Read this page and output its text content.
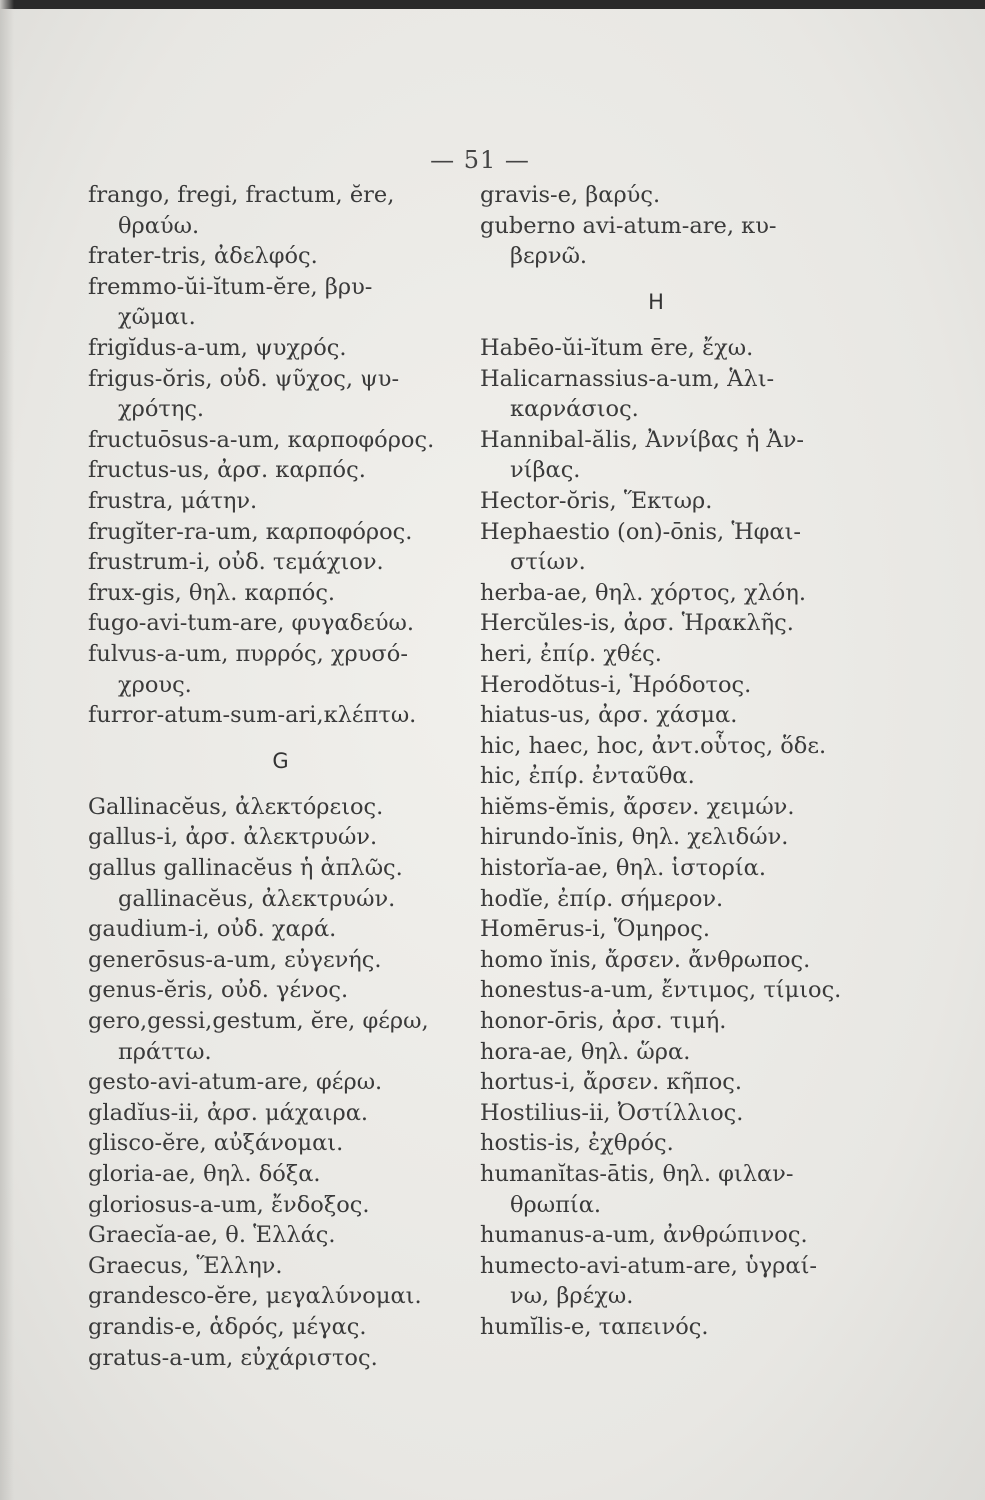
— 51 —
frango, fregi, fractum, ĕre,
θραύω.
frater-tris, ἀδελφός.
fremmo-ŭi-ĭtum-ĕre, βρυ-
χῶμαι.
frigĭdus-a-um, ψυχρός.
frigus-ŏris, οὐδ. ψῦχος, ψυ-
χρότης.
fructuōsus-a-um, καρποφόρος.
fructus-us, ἀρσ. καρπός.
frustra, μάτην.
frugĭter-ra-um, καρποφόρος.
frustrum-i, οὐδ. τεμάχιον.
frux-gis, θηλ. καρπός.
fugo-avi-tum-are, φυγαδεύω.
fulvus-a-um, πυρρός, χρυσό-
χρους.
furror-atum-sum-ari,κλέπτω.
G
Gallinacĕus, ἀλεκτόρειος.
gallus-i, ἀρσ. ἀλεκτρυών.
gallus gallinacĕus ἡ ἁπλῶς.
gallinacĕus, ἀλεκτρυών.
gaudium-i, οὐδ. χαρά.
generōsus-a-um, εὐγενής.
genus-ĕris, οὐδ. γένος.
gero,gessi,gestum, ĕre, φέρω,
πράττω.
gesto-avi-atum-are, φέρω.
gladĭus-ii, ἀρσ. μάχαιρα.
glisco-ĕre, αὐξάνομαι.
gloria-ae, θηλ. δόξα.
gloriosus-a-um, ἔνδοξος.
Graecĭa-ae, θ. Ἑλλάς.
Graecus, Ἕλλην.
grandesco-ĕre, μεγαλύνομαι.
grandis-e, ἁδρός, μέγας.
gratus-a-um, εὐχάριστος.
gravis-e, βαρύς.
guberno avi-atum-are, κυ-
βερνῶ.
H
Habēo-ŭi-ĭtum ēre, ἔχω.
Halicarnassius-a-um, Ἁλι-
καρνάσιος.
Hannibal-ălis, Ἀννίβας ἡ Ἀν-
νίβας.
Hector-ŏris, Ἕκτωρ.
Hephaestio (on)-ōnis, Ἡφαι-
στίων.
herba-ae, θηλ. χόρτος, χλόη.
Hercŭles-is, ἀρσ. Ἡρακλῆς.
heri, ἐπίρ. χθές.
Herodŏtus-i, Ἡρόδοτος.
hiatus-us, ἀρσ. χάσμα.
hic, haec, hoc, ἀντ.οὗτος, ὅδε.
hic, ἐπίρ. ἐνταῦθα.
hiĕms-ĕmis, ἄρσεν. χειμών.
hirundo-ĭnis, θηλ. χελιδών.
historĭa-ae, θηλ. ἱστορία.
hodĭe, ἐπίρ. σήμερον.
Homērus-i, Ὅμηρος.
homo ĭnis, ἄρσεν. ἄνθρωπος.
honestus-a-um, ἔντιμος, τίμιος.
honor-ōris, ἀρσ. τιμή.
hora-ae, θηλ. ὥρα.
hortus-i, ἄρσεν. κῆπος.
Hostilius-ii, Ὀστίλλιος.
hostis-is, ἐχθρός.
humanĭtas-ātis, θηλ. φιλαν-
θρωπία.
humanus-a-um, ἀνθρώπινος.
humecto-avi-atum-are, ὑγραί-
νω, βρέχω.
humĭlis-e, ταπεινός.
